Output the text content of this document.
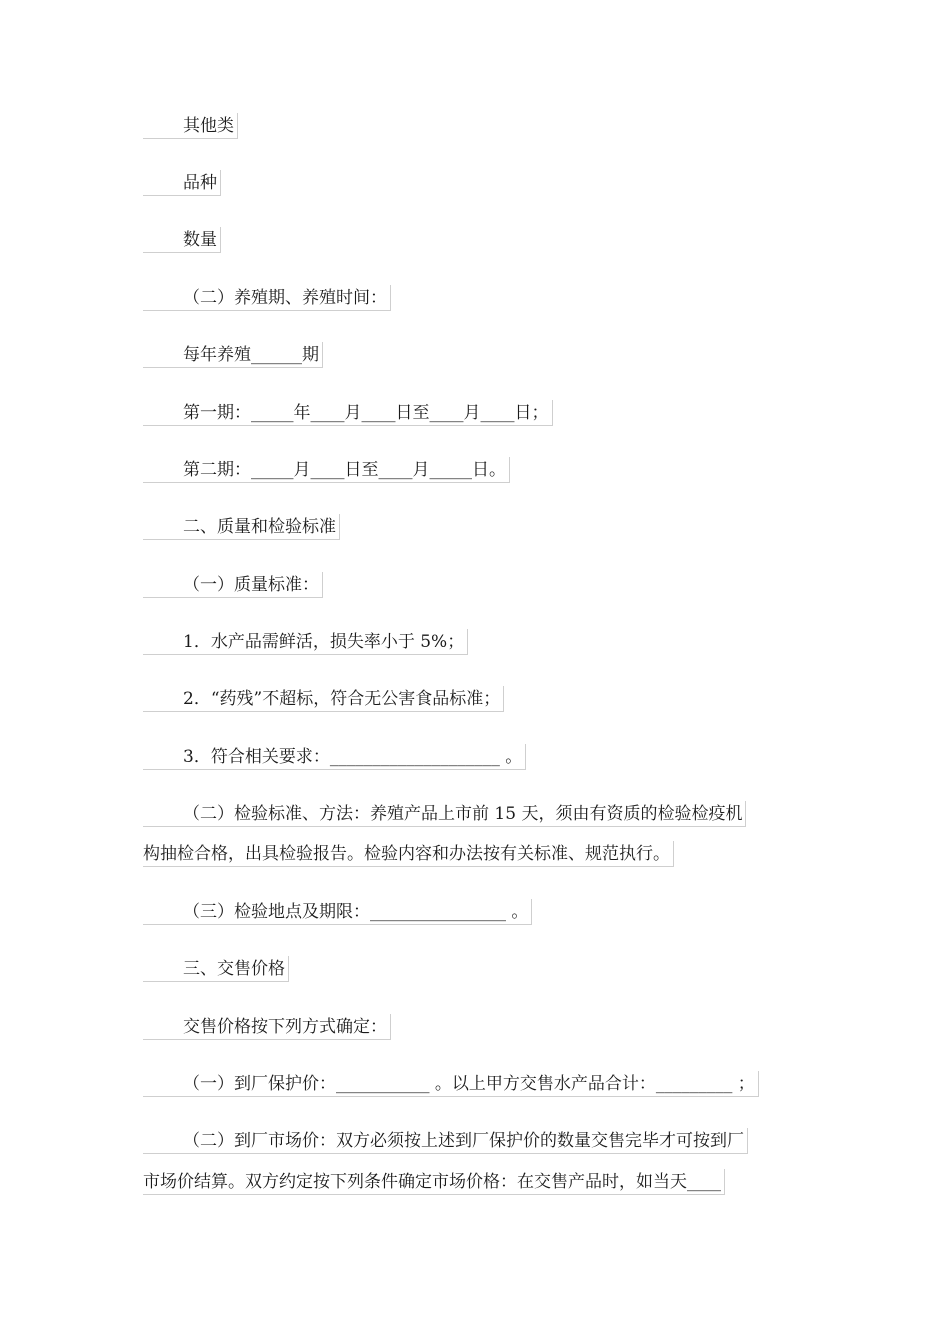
其他类
品种
数量
（二）养殖期、养殖时间：
每年养殖______期
第一期：_____年____月____日至____月____日；
第二期：_____月____日至____月_____日。
二、质量和检验标准
（一）质量标准：
1．水产品需鲜活，损失率小于 5%；
2．“药残”不超标，符合无公害食品标准；
3．符合相关要求：____________________ 。
（二）检验标准、方法：养殖产品上市前 15 天，须由有资质的检验检疫机
构抽检合格，出具检验报告。检验内容和办法按有关标准、规范执行。
（三）检验地点及期限：________________ 。
三、交售价格
交售价格按下列方式确定：
（一）到厂保护价：___________ 。以上甲方交售水产品合计：_________ ；
（二）到厂市场价：双方必须按上述到厂保护价的数量交售完毕才可按到厂
市场价结算。双方约定按下列条件确定市场价格：在交售产品时，如当天____
